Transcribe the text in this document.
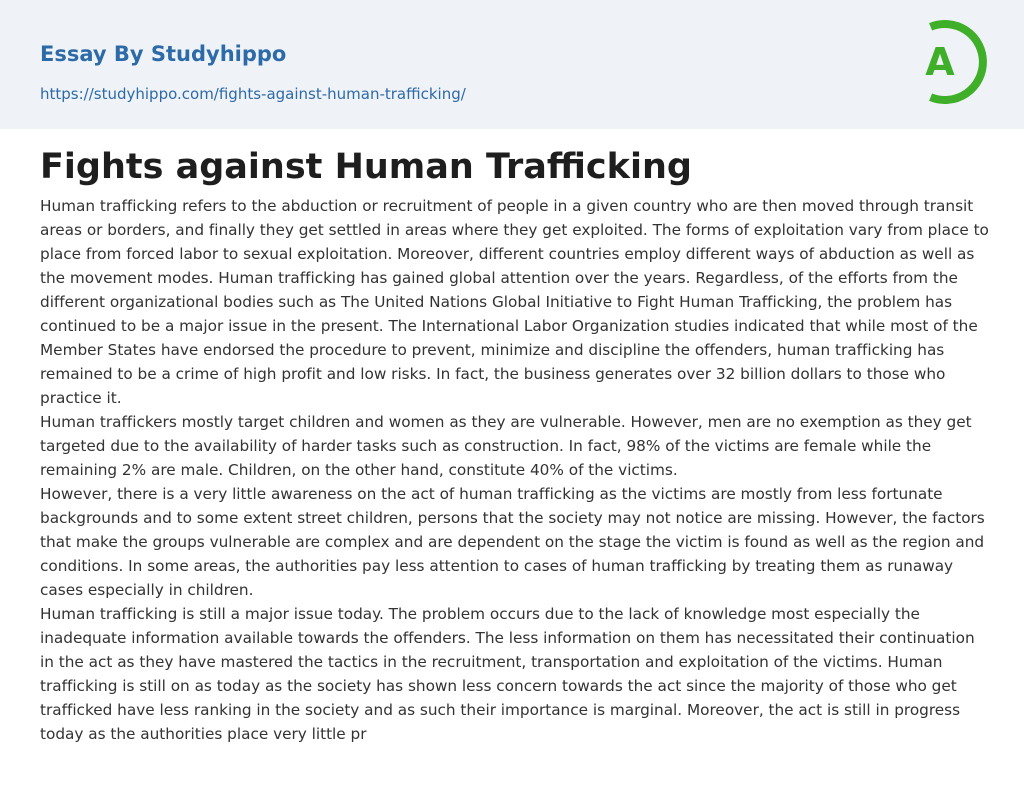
Essay By Studyhippo
https://studyhippo.com/fights-against-human-trafficking/
A
Fights against Human Trafficking

Human trafficking refers to the abduction or recruitment of people in a given country who are then moved through transit areas or borders, and finally they get settled in areas where they get exploited. The forms of exploitation vary from place to place from forced labor to sexual exploitation. Moreover, different countries employ different ways of abduction as well as the movement modes. Human trafficking has gained global attention over the years. Regardless, of the efforts from the different organizational bodies such as The United Nations Global Initiative to Fight Human Trafficking, the problem has continued to be a major issue in the present. The International Labor Organization studies indicated that while most of the Member States have endorsed the procedure to prevent, minimize and discipline the offenders, human trafficking has remained to be a crime of high profit and low risks. In fact, the business generates over 32 billion dollars to those who practice it.

Human traffickers mostly target children and women as they are vulnerable. However, men are no exemption as they get targeted due to the availability of harder tasks such as construction. In fact, 98% of the victims are female while the remaining 2% are male. Children, on the other hand, constitute 40% of the victims.

However, there is a very little awareness on the act of human trafficking as the victims are mostly from less fortunate backgrounds and to some extent street children, persons that the society may not notice are missing. However, the factors that make the groups vulnerable are complex and are dependent on the stage the victim is found as well as the region and conditions. In some areas, the authorities pay less attention to cases of human trafficking by treating them as runaway cases especially in children.

Human trafficking is still a major issue today. The problem occurs due to the lack of knowledge most especially the inadequate information available towards the offenders. The less information on them has necessitated their continuation in the act as they have mastered the tactics in the recruitment, transportation and exploitation of the victims. Human trafficking is still on as today as the society has shown less concern towards the act since the majority of those who get trafficked have less ranking in the society and as such their importance is marginal. Moreover, the act is still in progress today as the authorities place very little pr
